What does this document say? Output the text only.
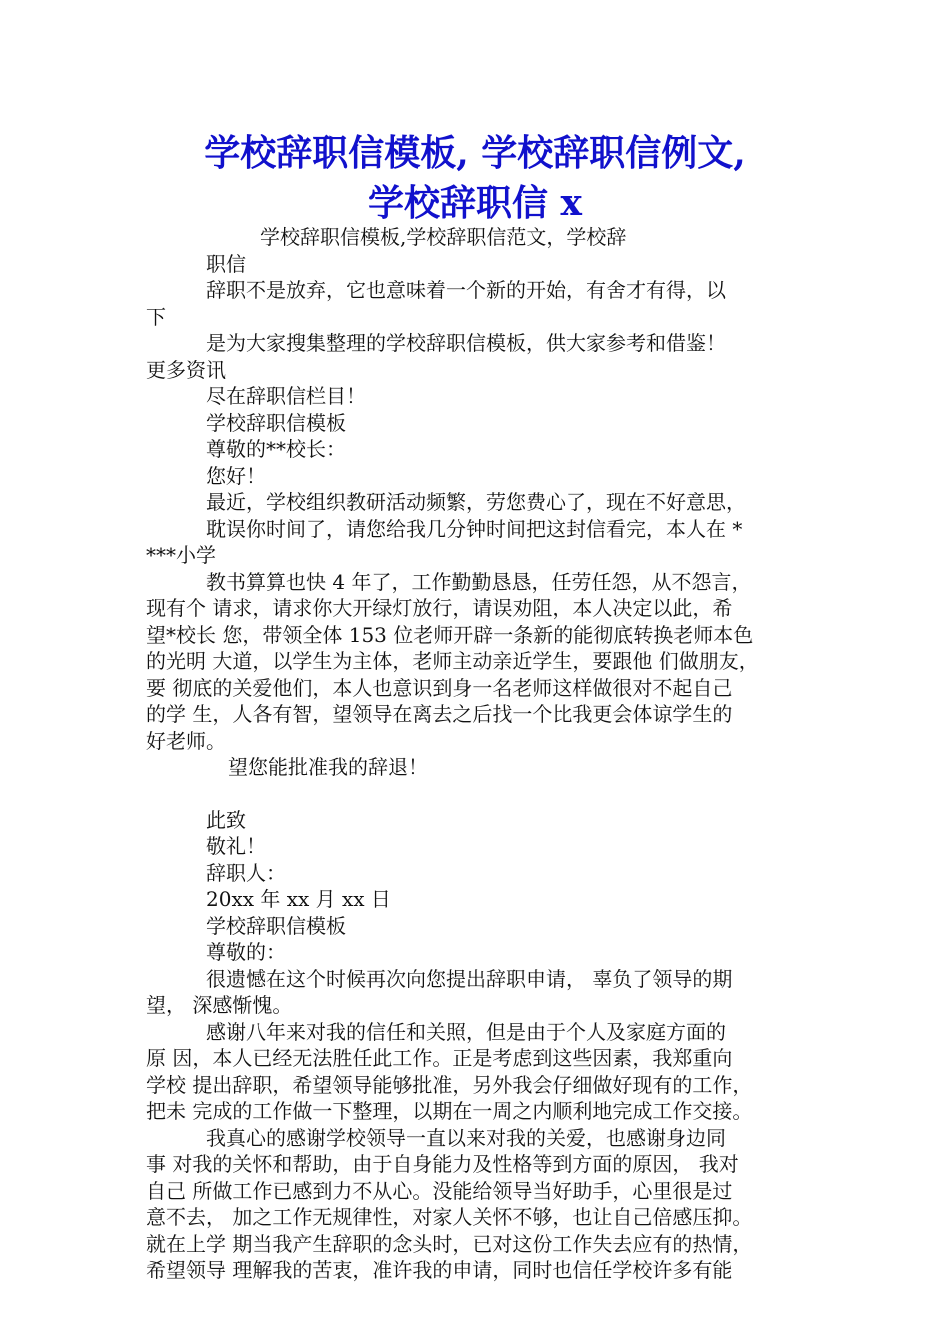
学校辞职信模板, 学校辞职信例文,
学校辞职信 x

学校辞职信模板,学校辞职信范文，学校辞

职信

辞职不是放弃，它也意味着一个新的开始，有舍才有得，以

下

是为大家搜集整理的学校辞职信模板，供大家参考和借鉴！

更多资讯

尽在辞职信栏目！

学校辞职信模板

尊敬的**校长：

您好！

最近，学校组织教研活动频繁，劳您费心了，现在不好意思，

耽误你时间了，请您给我几分钟时间把这封信看完，本人在 *

***小学

教书算算也快 4 年了，工作勤勤恳恳，任劳任怨，从不怨言，

现有个 请求，请求你大开绿灯放行，请误劝阻，本人决定以此，希

望*校长 您，带领全体 153 位老师开辟一条新的能彻底转换老师本色

的光明 大道，以学生为主体，老师主动亲近学生，要跟他 们做朋友，

要 彻底的关爱他们，本人也意识到身一名老师这样做很对不起自己

的学 生，人各有智，望领导在离去之后找一个比我更会体谅学生的

好老师。

望您能批准我的辞退！

此致

敬礼！

辞职人：

20xx 年 xx 月 xx 日

学校辞职信模板

尊敬的：

很遗憾在这个时候再次向您提出辞职申请， 辜负了领导的期

望， 深感惭愧。

感谢八年来对我的信任和关照，但是由于个人及家庭方面的

原 因，本人已经无法胜任此工作。正是考虑到这些因素，我郑重向

学校 提出辞职，希望领导能够批准，另外我会仔细做好现有的工作，

把未 完成的工作做一下整理，以期在一周之内顺利地完成工作交接。

我真心的感谢学校领导一直以来对我的关爱，也感谢身边同

事 对我的关怀和帮助，由于自身能力及性格等到方面的原因， 我对

自己 所做工作已感到力不从心。没能给领导当好助手，心里很是过

意不去， 加之工作无规律性，对家人关怀不够，也让自己倍感压抑。

就在上学 期当我产生辞职的念头时，已对这份工作失去应有的热情，

希望领导 理解我的苦衷，准许我的申请，同时也信任学校许多有能
